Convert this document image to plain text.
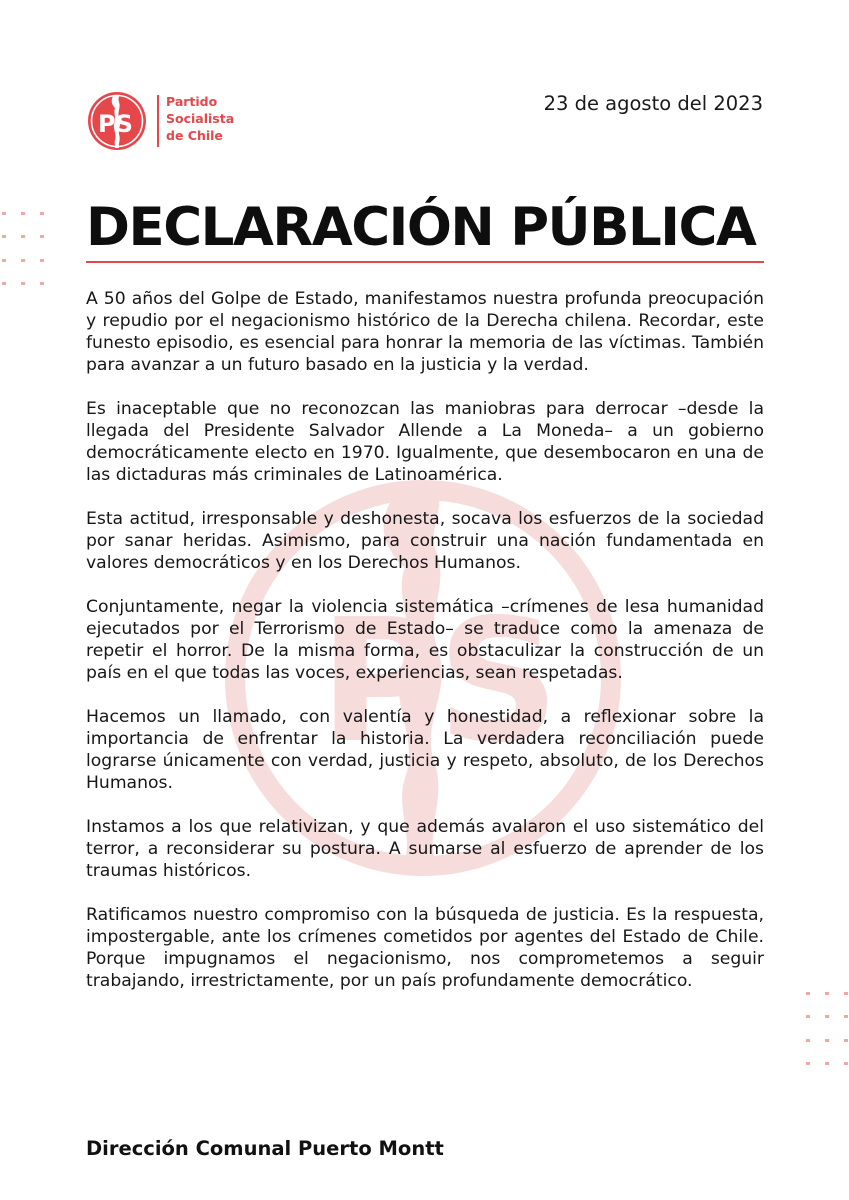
P
S
PS
Partido
Socialista
de Chile
23 de agosto del 2023
DECLARACIÓN PÚBLICA

A 50 años del Golpe de Estado, manifestamos nuestra profunda preocupación y repudio por el negacionismo histórico de la Derecha chilena. Recordar, este funesto episodio, es esencial para honrar la memoria de las víctimas. También para avanzar a un futuro basado en la justicia y la verdad.

Es inaceptable que no reconozcan las maniobras para derrocar –desde la llegada del Presidente Salvador Allende a La Moneda– a un gobierno democráticamente electo en 1970. Igualmente, que desembocaron en una de las dictaduras más criminales de Latinoamérica.

Esta actitud, irresponsable y deshonesta, socava los esfuerzos de la sociedad por sanar heridas. Asimismo, para construir una nación fundamentada en valores democráticos y en los Derechos Humanos.

Conjuntamente, negar la violencia sistemática –crímenes de lesa humanidad ejecutados por el Terrorismo de Estado– se traduce como la amenaza de repetir el horror. De la misma forma, es obstaculizar la construcción de un país en el que todas las voces, experiencias, sean respetadas.

Hacemos un llamado, con valentía y honestidad, a reflexionar sobre la importancia de enfrentar la historia. La verdadera reconciliación puede lograrse únicamente con verdad, justicia y respeto, absoluto, de los Derechos Humanos.

Instamos a los que relativizan, y que además avalaron el uso sistemático del terror, a reconsiderar su postura. A sumarse al esfuerzo de aprender de los traumas históricos.

Ratificamos nuestro compromiso con la búsqueda de justicia. Es la respuesta, impostergable, ante los crímenes cometidos por agentes del Estado de Chile. Porque impugnamos el negacionismo, nos comprometemos a seguir trabajando, irrestrictamente, por un país profundamente democrático.

Dirección Comunal Puerto Montt
